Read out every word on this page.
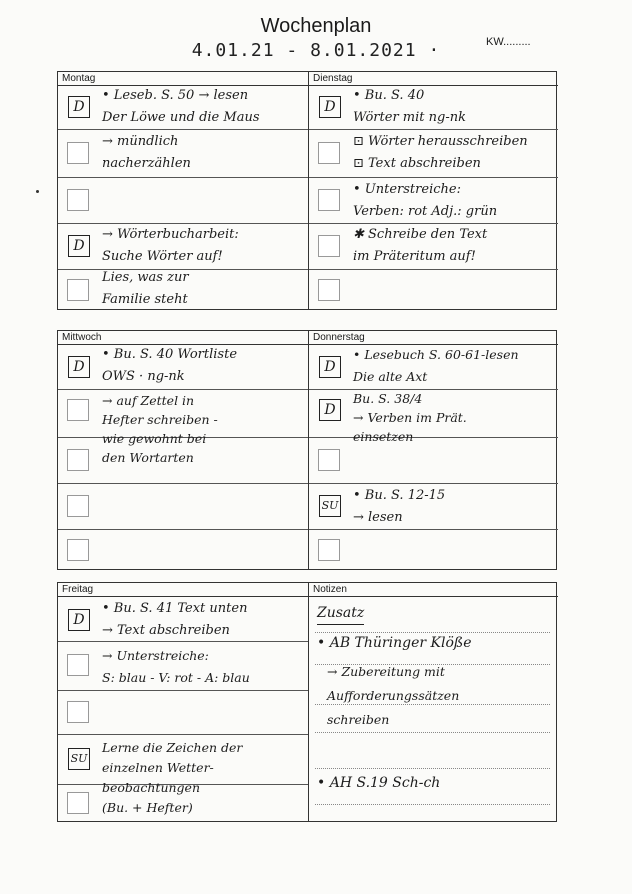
Wochenplan
4.01.21 - 8.01.2021 ·	KW.........
Montag
D
• Leseb. S. 50 → lesen
Der Löwe und die Maus
→ mündlich
nacherzählen
D
→ Wörterbucharbeit:
Suche Wörter auf!
Lies, was zur
Familie steht
Dienstag
D
• Bu. S. 40
Wörter mit ng-nk
⊡ Wörter herausschreiben
⊡ Text abschreiben
• Unterstreiche:
Verben: rot Adj.: grün
✱ Schreibe den Text
im Präteritum auf!
Mittwoch
D
• Bu. S. 40 Wortliste
OWS · ng-nk
→ auf Zettel in
Hefter schreiben -
wie gewohnt bei
den Wortarten
Donnerstag
D
• Lesebuch S. 60-61-lesen
Die alte Axt
D
Bu. S. 38/4
→ Verben im Prät.
einsetzen
SU
• Bu. S. 12-15
→ lesen
Freitag
D
• Bu. S. 41 Text unten
→ Text abschreiben
→ Unterstreiche:
S: blau - V: rot - A: blau
SU
Lerne die Zeichen der
einzelnen Wetter-
beobachtungen
(Bu. + Hefter)
Notizen
Zusatz
• AB Thüringer Klöße
→ Zubereitung mit
Aufforderungssätzen
schreiben
• AH S.19 Sch-ch
